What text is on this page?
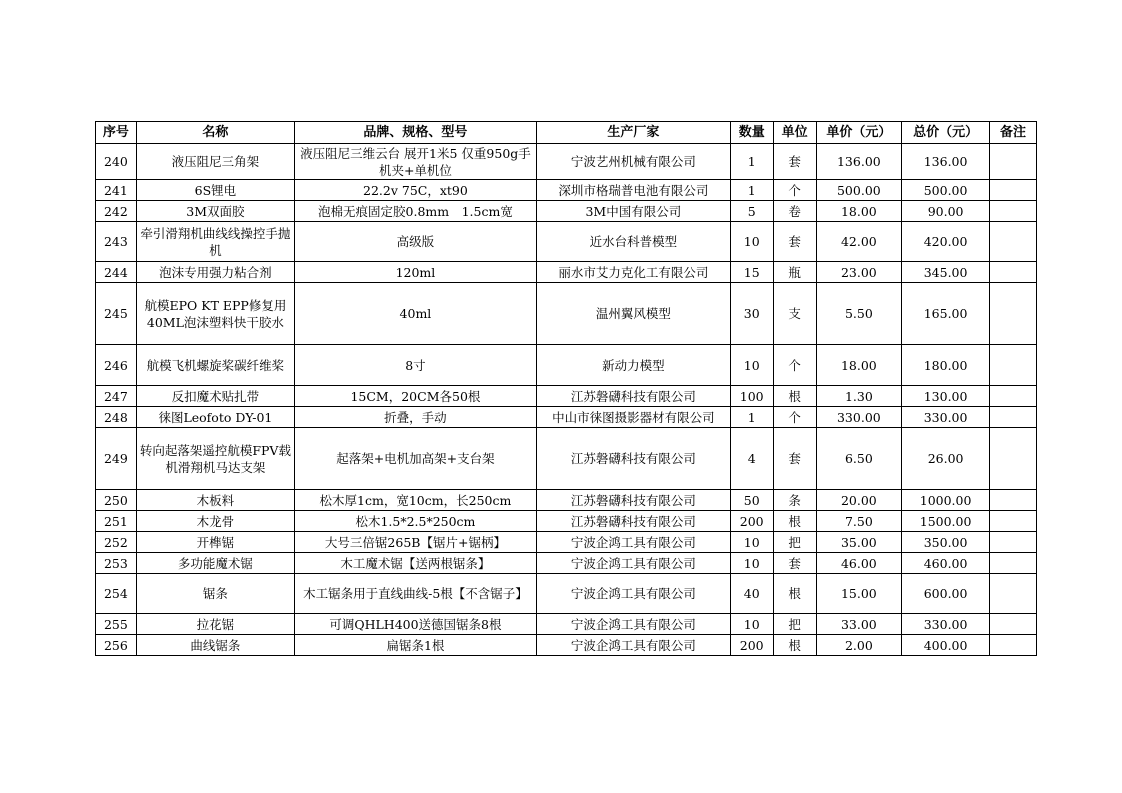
序号	名称	品牌、规格、型号	生产厂家	数量	单位	单价（元）	总价（元）	备注
240	液压阻尼三角架	液压阻尼三维云台 展开1米5 仅重950g手机夹+单机位	宁波艺州机械有限公司	1	套	136.00	136.00	
241	6S锂电	22.2v 75C，xt90	深圳市格瑞普电池有限公司	1	个	500.00	500.00	
242	3M双面胶	泡棉无痕固定胶0.8mm　1.5cm宽	3M中国有限公司	5	卷	18.00	90.00	
243	牵引滑翔机曲线线操控手抛机	高级版	近水台科普模型	10	套	42.00	420.00	
244	泡沫专用强力粘合剂	120ml	丽水市艾力克化工有限公司	15	瓶	23.00	345.00	
245	航模EPO KT EPP修复用40ML泡沫塑料快干胶水	40ml	温州翼风模型	30	支	5.50	165.00	
246	航模飞机螺旋桨碳纤维桨	8寸	新动力模型	10	个	18.00	180.00	
247	反扣魔术贴扎带	15CM，20CM各50根	江苏磐礴科技有限公司	100	根	1.30	130.00	
248	徕图Leofoto DY-01	折叠，手动	中山市徕图摄影器材有限公司	1	个	330.00	330.00	
249	转向起落架遥控航模FPV载机滑翔机马达支架	起落架+电机加高架+支台架	江苏磐礴科技有限公司	4	套	6.50	26.00	
250	木板料	松木厚1cm，宽10cm，长250cm	江苏磐礴科技有限公司	50	条	20.00	1000.00	
251	木龙骨	松木1.5*2.5*250cm	江苏磐礴科技有限公司	200	根	7.50	1500.00	
252	开榫锯	大号三倍锯265B【锯片+锯柄】	宁波企鸿工具有限公司	10	把	35.00	350.00	
253	多功能魔术锯	木工魔术锯【送两根锯条】	宁波企鸿工具有限公司	10	套	46.00	460.00	
254	锯条	木工锯条用于直线曲线-5根【不含锯子】	宁波企鸿工具有限公司	40	根	15.00	600.00	
255	拉花锯	可调QHLH400送德国锯条8根	宁波企鸿工具有限公司	10	把	33.00	330.00	
256	曲线锯条	扁锯条1根	宁波企鸿工具有限公司	200	根	2.00	400.00	
